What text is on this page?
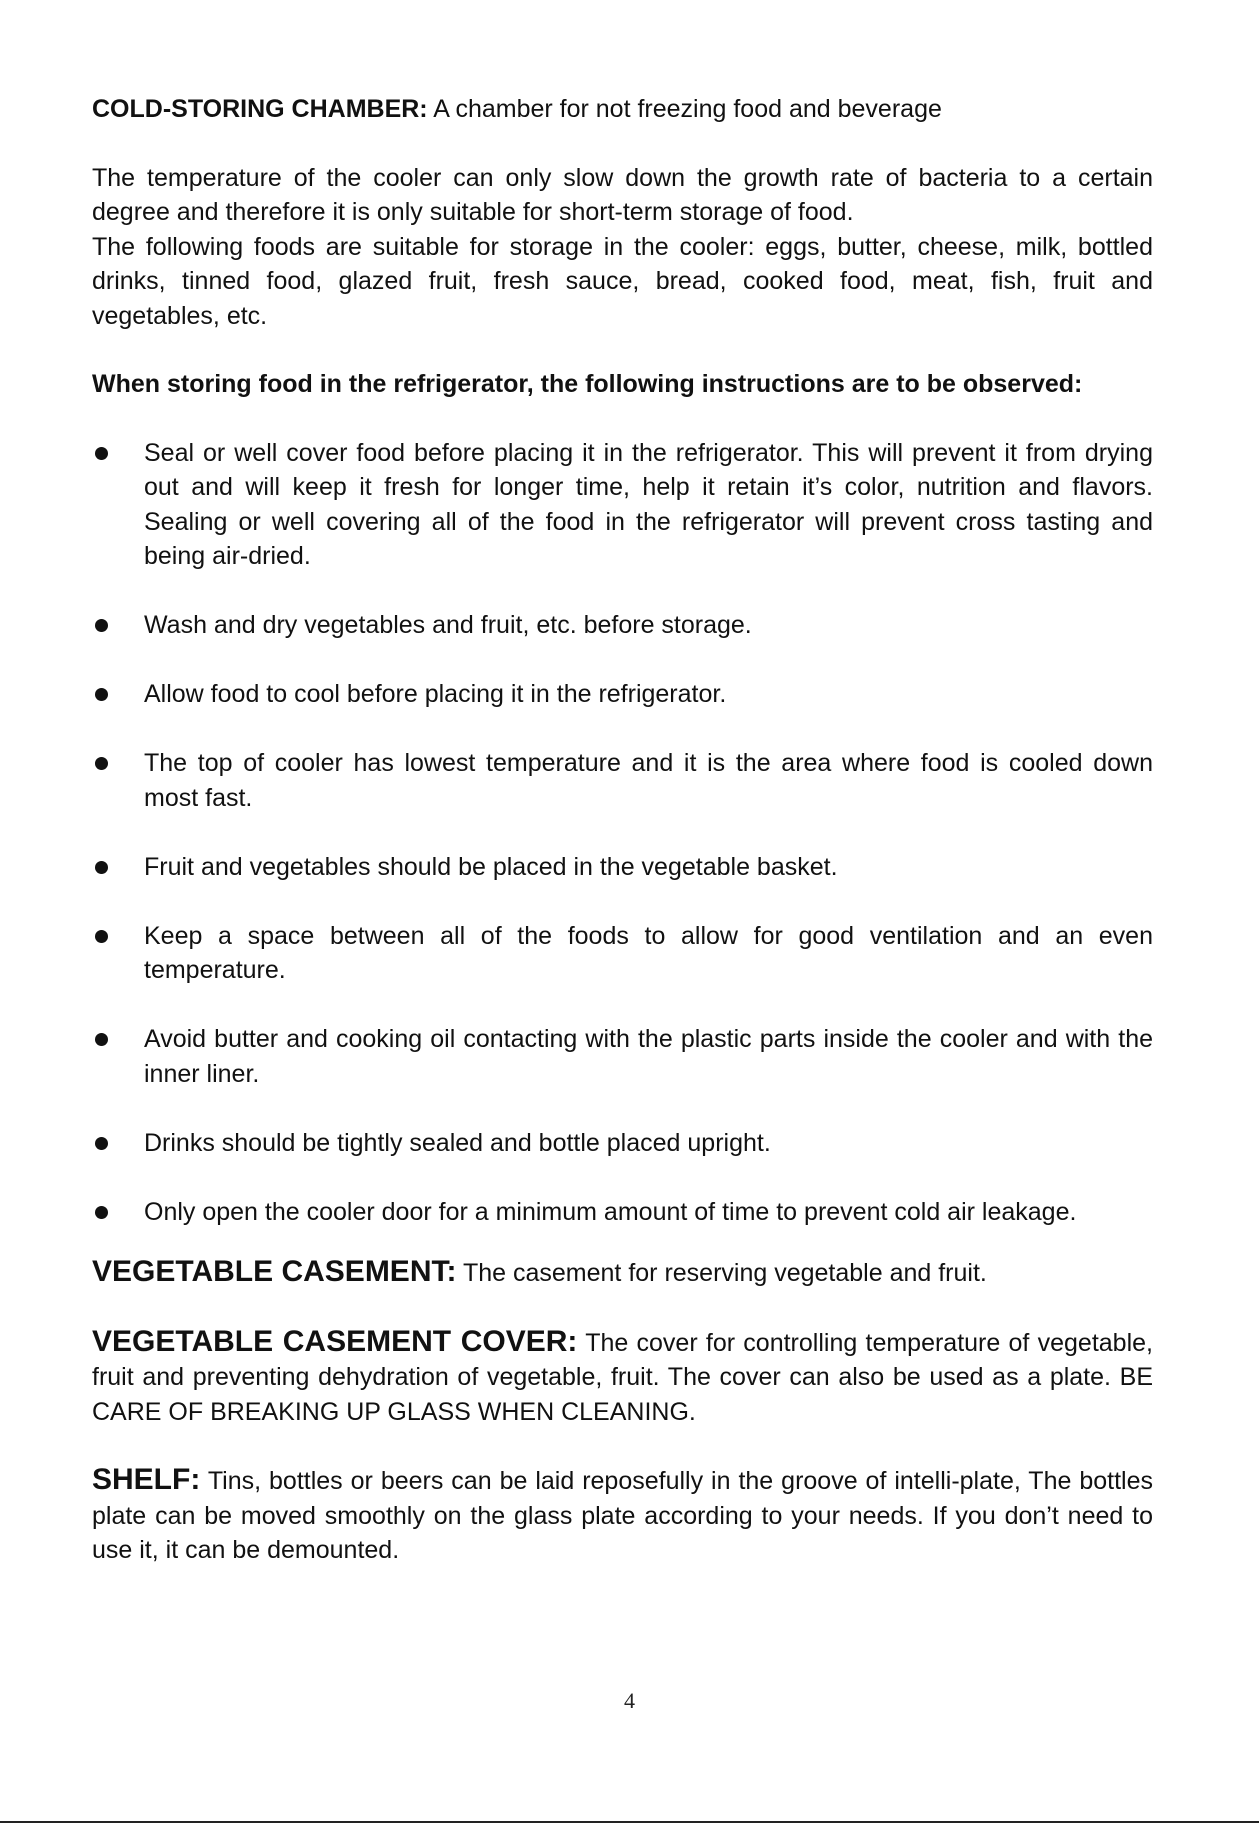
COLD-STORING CHAMBER: A chamber for not freezing food and beverage

The temperature of the cooler can only slow down the growth rate of bacteria to a certain degree and therefore it is only suitable for short-term storage of food.

The following foods are suitable for storage in the cooler: eggs, butter, cheese, milk, bottled drinks, tinned food, glazed fruit, fresh sauce, bread, cooked food, meat, fish, fruit and vegetables, etc.

When storing food in the refrigerator, the following instructions are to be observed:

Seal or well cover food before placing it in the refrigerator. This will prevent it from drying out and will keep it fresh for longer time, help it retain it’s color, nutrition and flavors. Sealing or well covering all of the food in the refrigerator will prevent cross tasting and being air-dried.
Wash and dry vegetables and fruit, etc. before storage.
Allow food to cool before placing it in the refrigerator.
The top of cooler has lowest temperature and it is the area where food is cooled down most fast.
Fruit and vegetables should be placed in the vegetable basket.
Keep a space between all of the foods to allow for good ventilation and an even temperature.
Avoid butter and cooking oil contacting with the plastic parts inside the cooler and with the inner liner.
Drinks should be tightly sealed and bottle placed upright.
Only open the cooler door for a minimum amount of time to prevent cold air leakage.

VEGETABLE CASEMENT: The casement for reserving vegetable and fruit.

VEGETABLE CASEMENT COVER: The cover for controlling temperature of vegetable, fruit and preventing dehydration of vegetable, fruit. The cover can also be used as a plate. BE CARE OF BREAKING UP GLASS WHEN CLEANING.

SHELF: Tins, bottles or beers can be laid reposefully in the groove of intelli-plate, The bottles plate can be moved smoothly on the glass plate according to your needs. If you don’t need to use it, it can be demounted.

4
